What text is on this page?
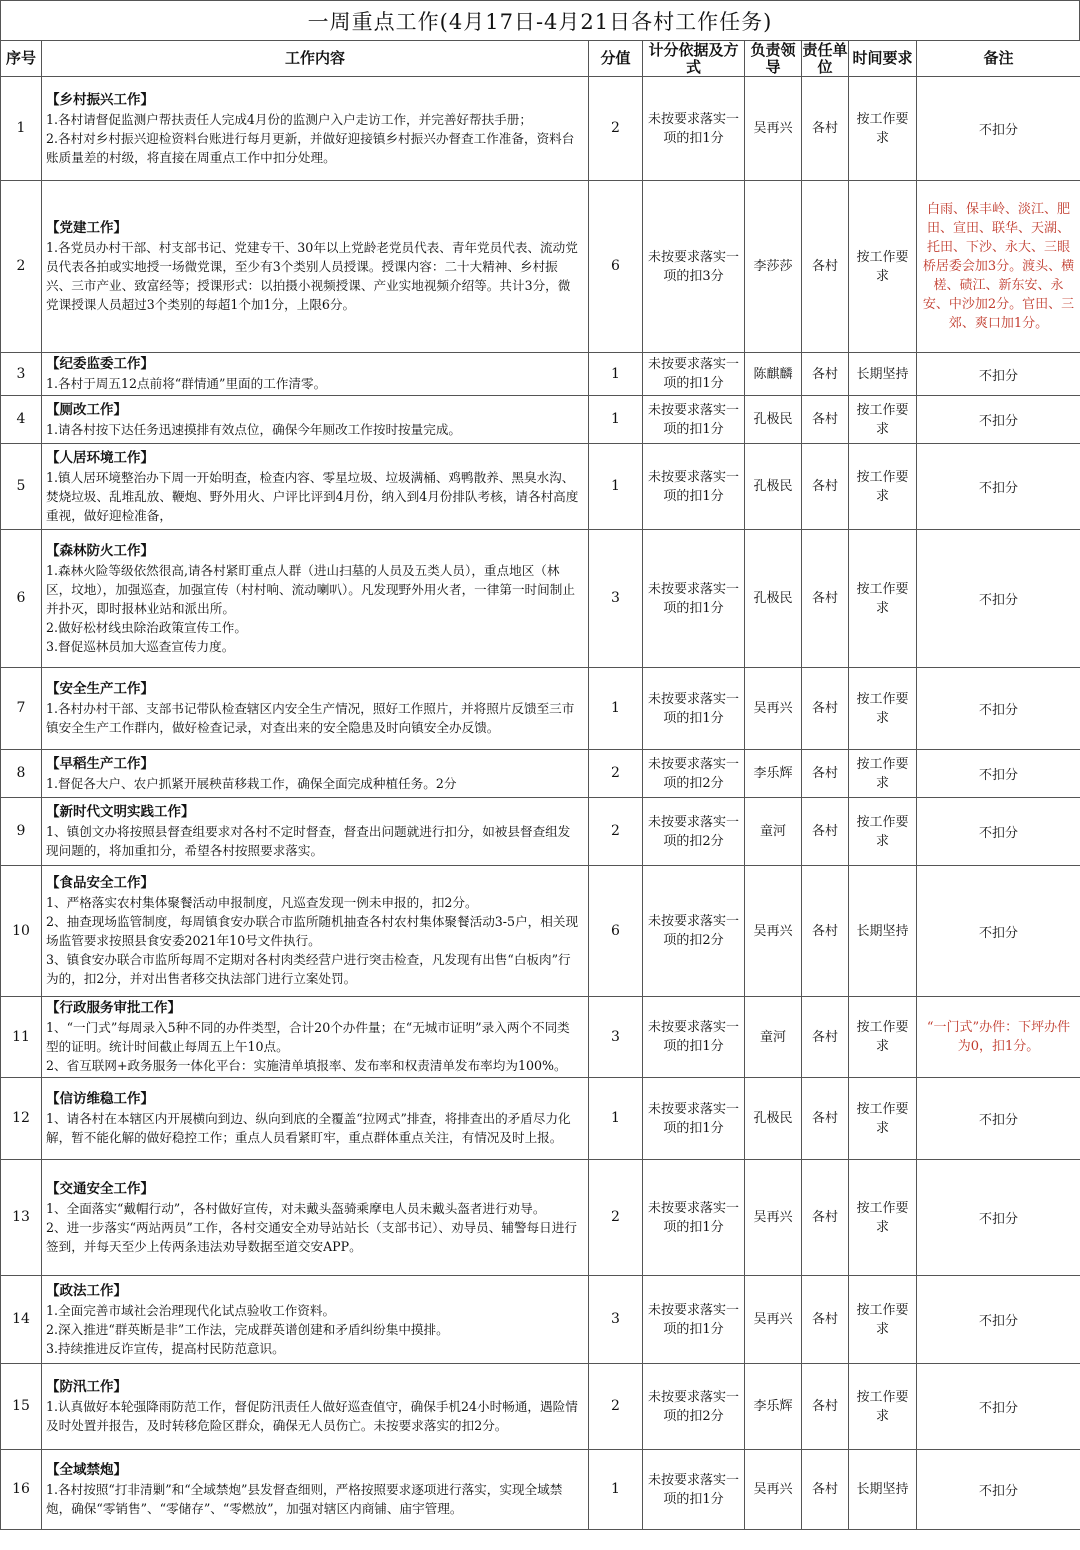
一周重点工作(4月17日-4月21日各村工作任务)
序号	工作内容	分值	计分依据及方式	负责领导	责任单位	时间要求	备注
1	【乡村振兴工作】
1.各村请督促监测户帮扶责任人完成4月份的监测户入户走访工作，并完善好帮扶手册；
2.各村对乡村振兴迎检资料台账进行每月更新，并做好迎接镇乡村振兴办督查工作准备，资料台账质量差的村级，将直接在周重点工作中扣分处理。	2	未按要求落实一项的扣1分	吴再兴	各村	按工作要求	不扣分
2	【党建工作】
1.各党员办村干部、村支部书记、党建专干、30年以上党龄老党员代表、青年党员代表、流动党员代表各拍或实地授一场微党课，至少有3个类别人员授课。授课内容：二十大精神、乡村振兴、三市产业、致富经等；授课形式：以拍摄小视频授课、产业实地视频介绍等。共计3分，微党课授课人员超过3个类别的每超1个加1分，上限6分。	6	未按要求落实一项的扣3分	李莎莎	各村	按工作要求	白雨、保丰岭、淡江、肥田、宣田、联华、天湖、托田、下沙、永大、三眼桥居委会加3分。渡头、横槎、碛江、新东安、永安、中沙加2分。官田、三郊、爽口加1分。
3	【纪委监委工作】
1.各村于周五12点前将“群情通”里面的工作清零。	1	未按要求落实一项的扣1分	陈麒麟	各村	长期坚持	不扣分
4	【厕改工作】
1.请各村按下达任务迅速摸排有效点位，确保今年厕改工作按时按量完成。	1	未按要求落实一项的扣1分	孔极民	各村	按工作要求	不扣分
5	【人居环境工作】
1.镇人居环境整治办下周一开始明查，检查内容、零星垃圾、垃圾满桶、鸡鸭散养、黑臭水沟、焚烧垃圾、乱堆乱放、鞭炮、野外用火、户评比评到4月份，纳入到4月份排队考核，请各村高度重视，做好迎检准备，	1	未按要求落实一项的扣1分	孔极民	各村	按工作要求	不扣分
6	【森林防火工作】
1.森林火险等级依然很高,请各村紧盯重点人群（进山扫墓的人员及五类人员），重点地区（林区，坟地），加强巡查，加强宣传（村村响、流动喇叭）。凡发现野外用火者，一律第一时间制止并扑灭，即时报林业站和派出所。
2.做好松材线虫除治政策宣传工作。
3.督促巡林员加大巡查宣传力度。	3	未按要求落实一项的扣1分	孔极民	各村	按工作要求	不扣分
7	【安全生产工作】
1.各村办村干部、支部书记带队检查辖区内安全生产情况，照好工作照片，并将照片反馈至三市镇安全生产工作群内，做好检查记录，对查出来的安全隐患及时向镇安全办反馈。	1	未按要求落实一项的扣1分	吴再兴	各村	按工作要求	不扣分
8	【早稻生产工作】
1.督促各大户、农户抓紧开展秧苗移栽工作，确保全面完成种植任务。2分	2	未按要求落实一项的扣2分	李乐辉	各村	按工作要求	不扣分
9	【新时代文明实践工作】
1、镇创文办将按照县督查组要求对各村不定时督查，督查出问题就进行扣分，如被县督查组发现问题的，将加重扣分，希望各村按照要求落实。	2	未按要求落实一项的扣2分	童河	各村	按工作要求	不扣分
10	【食品安全工作】
1、严格落实农村集体聚餐活动申报制度，凡巡查发现一例未申报的，扣2分。
2、抽查现场监管制度，每周镇食安办联合市监所随机抽查各村农村集体聚餐活动3-5户，相关现场监管要求按照县食安委2021年10号文件执行。
3、镇食安办联合市监所每周不定期对各村肉类经营户进行突击检查，凡发现有出售“白板肉”行为的，扣2分，并对出售者移交执法部门进行立案处罚。	6	未按要求落实一项的扣2分	吴再兴	各村	长期坚持	不扣分
11	【行政服务审批工作】
1、“一门式”每周录入5种不同的办件类型，合计20个办件量；在“无城市证明”录入两个不同类型的证明。统计时间截止每周五上午10点。
2、省互联网+政务服务一体化平台：实施清单填报率、发布率和权责清单发布率均为100%。	3	未按要求落实一项的扣1分	童河	各村	按工作要求	“一门式”办件：下坪办件为0，扣1分。
12	【信访维稳工作】
1、请各村在本辖区内开展横向到边、纵向到底的全覆盖“拉网式”排查，将排查出的矛盾尽力化解，暂不能化解的做好稳控工作；重点人员看紧盯牢，重点群体重点关注，有情况及时上报。	1	未按要求落实一项的扣1分	孔极民	各村	按工作要求	不扣分
13	【交通安全工作】
1、全面落实“戴帽行动”，各村做好宣传，对未戴头盔骑乘摩电人员未戴头盔者进行劝导。
2、进一步落实“两站两员”工作，各村交通安全劝导站站长（支部书记）、劝导员、辅警每日进行签到，并每天至少上传两条违法劝导数据至道交安APP。	2	未按要求落实一项的扣1分	吴再兴	各村	按工作要求	不扣分
14	【政法工作】
1.全面完善市域社会治理现代化试点验收工作资料。
2.深入推进“群英断是非”工作法，完成群英谱创建和矛盾纠纷集中摸排。
3.持续推进反诈宣传，提高村民防范意识。	3	未按要求落实一项的扣1分	吴再兴	各村	按工作要求	不扣分
15	【防汛工作】
1.认真做好本轮强降雨防范工作，督促防汛责任人做好巡查值守，确保手机24小时畅通，遇险情及时处置并报告，及时转移危险区群众，确保无人员伤亡。未按要求落实的扣2分。	2	未按要求落实一项的扣2分	李乐辉	各村	按工作要求	不扣分
16	【全域禁炮】
1.各村按照“打非清剿”和“全域禁炮”县发督查细则，严格按照要求逐项进行落实，实现全域禁炮，确保“零销售”、“零储存”、“零燃放”，加强对辖区内商铺、庙宇管理。	1	未按要求落实一项的扣1分	吴再兴	各村	长期坚持	不扣分
